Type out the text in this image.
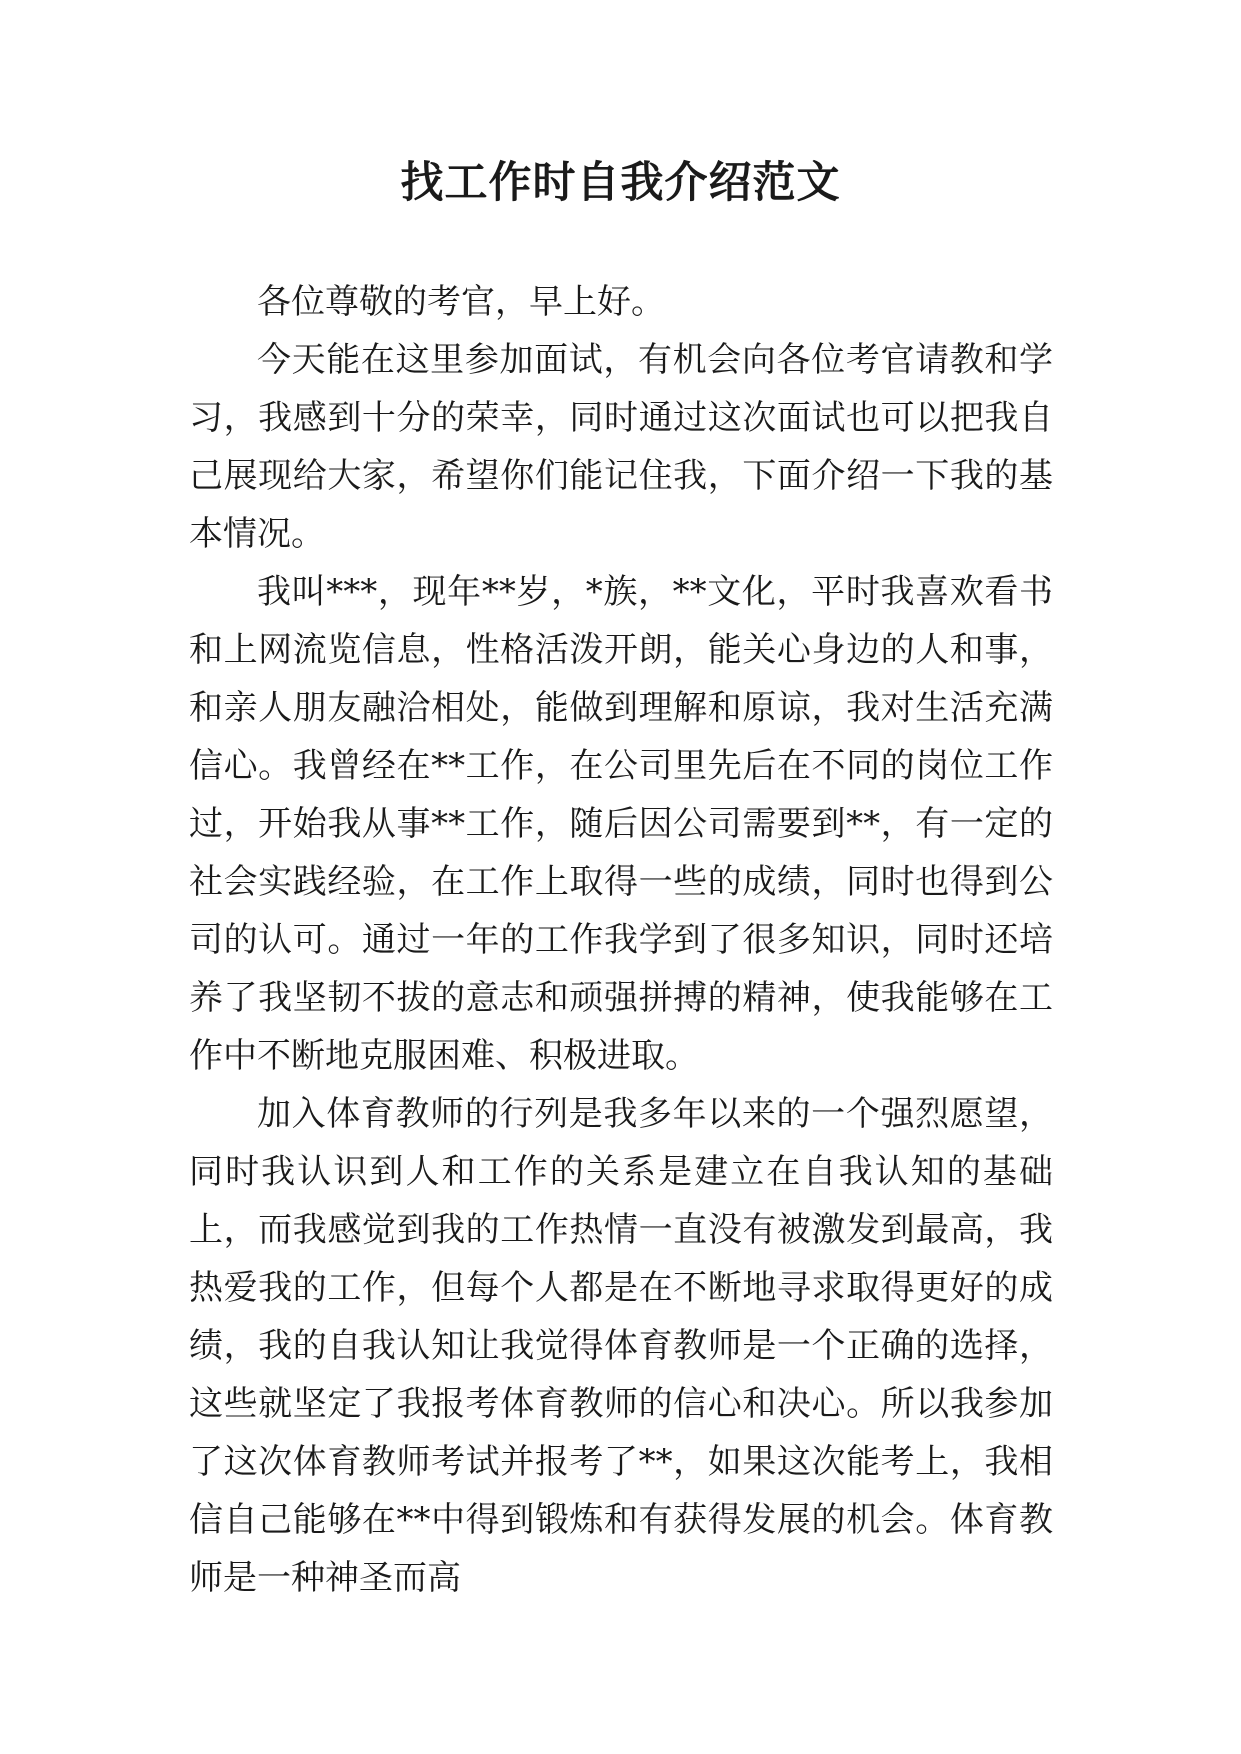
找工作时自我介绍范文

各位尊敬的考官，早上好。

今天能在这里参加面试，有机会向各位考官请教和学习，我感到十分的荣幸，同时通过这次面试也可以把我自己展现给大家，希望你们能记住我，下面介绍一下我的基本情况。

我叫***，现年**岁，*族，**文化，平时我喜欢看书和上网流览信息，性格活泼开朗，能关心身边的人和事，和亲人朋友融洽相处，能做到理解和原谅，我对生活充满信心。我曾经在**工作，在公司里先后在不同的岗位工作过，开始我从事**工作，随后因公司需要到**，有一定的社会实践经验，在工作上取得一些的成绩，同时也得到公司的认可。通过一年的工作我学到了很多知识，同时还培养了我坚韧不拔的意志和顽强拼搏的精神，使我能够在工作中不断地克服困难、积极进取。

加入体育教师的行列是我多年以来的一个强烈愿望，同时我认识到人和工作的关系是建立在自我认知的基础上，而我感觉到我的工作热情一直没有被激发到最高，我热爱我的工作，但每个人都是在不断地寻求取得更好的成绩，我的自我认知让我觉得体育教师是一个正确的选择，这些就坚定了我报考体育教师的信心和决心。所以我参加了这次体育教师考试并报考了**，如果这次能考上，我相信自己能够在**中得到锻炼和有获得发展的机会。体育教师是一种神圣而高
